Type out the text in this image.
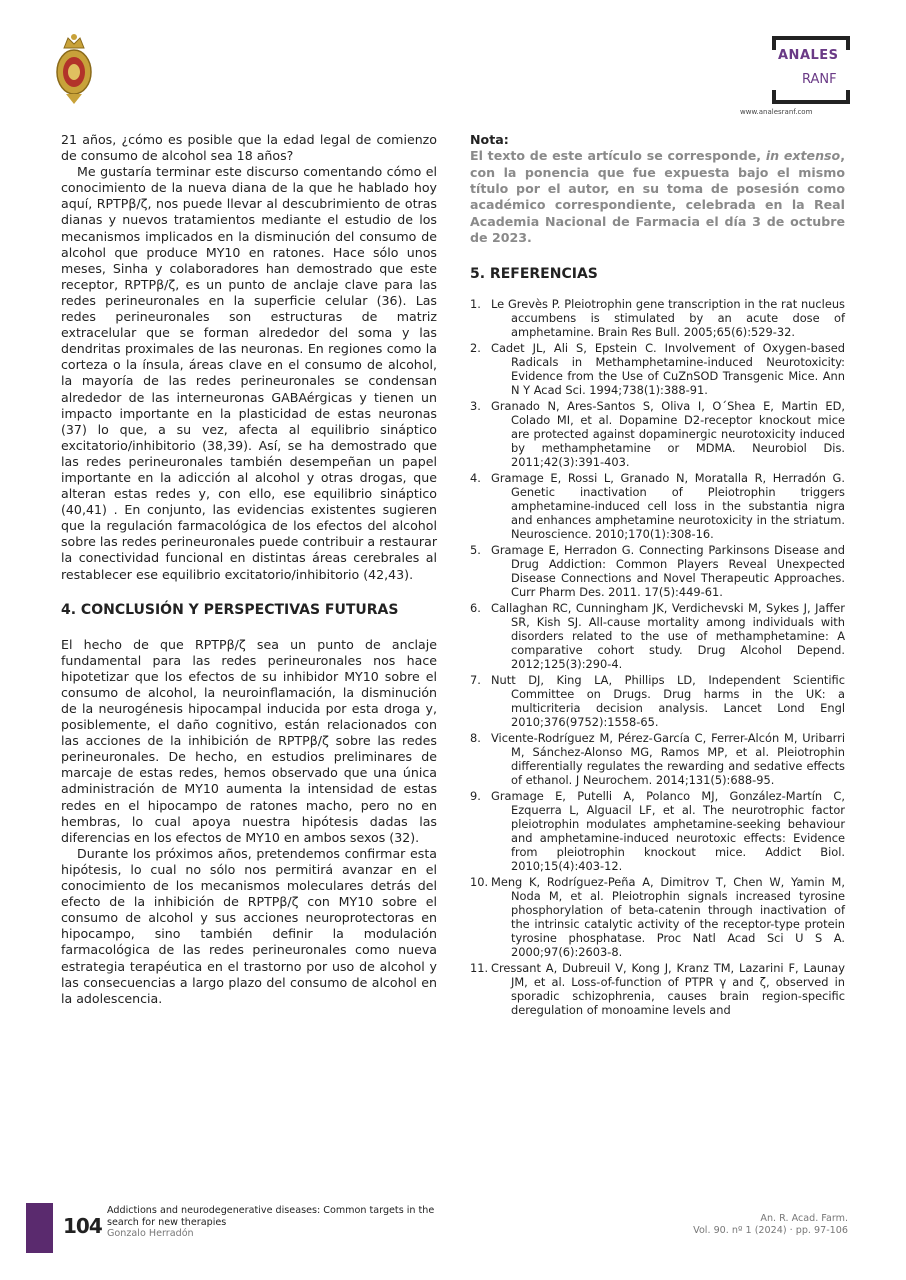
ANALES
RANF
www.analesranf.com

21 años, ¿cómo es posible que la edad legal de comienzo de consumo de alcohol sea 18 años?

Me gustaría terminar este discurso comentando cómo el conocimiento de la nueva diana de la que he hablado hoy aquí, RPTPβ/ζ, nos puede llevar al descubrimiento de otras dianas y nuevos tratamientos mediante el estudio de los mecanismos implicados en la disminución del consumo de alcohol que produce MY10 en ratones. Hace sólo unos meses, Sinha y colaboradores han demostrado que este receptor, RPTPβ/ζ, es un punto de anclaje clave para las redes perineuronales en la superficie celular (36). Las redes perineuronales son estructuras de matriz extracelular que se forman alrededor del soma y las dendritas proximales de las neuronas. En regiones como la corteza o la ínsula, áreas clave en el consumo de alcohol, la mayoría de las redes perineuronales se condensan alrededor de las interneuronas GABAérgicas y tienen un impacto importante en la plasticidad de estas neuronas (37) lo que, a su vez, afecta al equilibrio sináptico excitatorio/inhibitorio (38,39). Así, se ha demostrado que las redes perineuronales también desempeñan un papel importante en la adicción al alcohol y otras drogas, que alteran estas redes y, con ello, ese equilibrio sináptico (40,41) . En conjunto, las evidencias existentes sugieren que la regulación farmacológica de los efectos del alcohol sobre las redes perineuronales puede contribuir a restaurar la conectividad funcional en distintas áreas cerebrales al restablecer ese equilibrio excitatorio/inhibitorio (42,43).

4. CONCLUSIÓN Y PERSPECTIVAS FUTURAS

El hecho de que RPTPβ/ζ sea un punto de anclaje fundamental para las redes perineuronales nos hace hipotetizar que los efectos de su inhibidor MY10 sobre el consumo de alcohol, la neuroinflamación, la disminución de la neurogénesis hipocampal inducida por esta droga y, posiblemente, el daño cognitivo, están relacionados con las acciones de la inhibición de RPTPβ/ζ sobre las redes perineuronales. De hecho, en estudios preliminares de marcaje de estas redes, hemos observado que una única administración de MY10 aumenta la intensidad de estas redes en el hipocampo de ratones macho, pero no en hembras, lo cual apoya nuestra hipótesis dadas las diferencias en los efectos de MY10 en ambos sexos (32).

Durante los próximos años, pretendemos confirmar esta hipótesis, lo cual no sólo nos permitirá avanzar en el conocimiento de los mecanismos moleculares detrás del efecto de la inhibición de RPTPβ/ζ con MY10 sobre el consumo de alcohol y sus acciones neuroprotectoras en hipocampo, sino también definir la modulación farmacológica de las redes perineuronales como nueva estrategia terapéutica en el trastorno por uso de alcohol y las consecuencias a largo plazo del consumo de alcohol en la adolescencia.

Nota:

El texto de este artículo se corresponde, in extenso, con la ponencia que fue expuesta bajo el mismo título por el autor, en su toma de posesión como académico correspondiente, celebrada en la Real Academia Nacional de Farmacia el día 3 de octubre de 2023.

5. REFERENCIAS

1. Le Grevès P. Pleiotrophin gene transcription in the rat nucleus accumbens is stimulated by an acute dose of amphetamine. Brain Res Bull. 2005;65(6):529-32.
2. Cadet JL, Ali S, Epstein C. Involvement of Oxygen-based Radicals in Methamphetamine-induced Neurotoxicity: Evidence from the Use of CuZnSOD Transgenic Mice. Ann N Y Acad Sci. 1994;738(1):388-91.
3. Granado N, Ares-Santos S, Oliva I, O´Shea E, Martin ED, Colado MI, et al. Dopamine D2-receptor knockout mice are protected against dopaminergic neurotoxicity induced by methamphetamine or MDMA. Neurobiol Dis. 2011;42(3):391-403.
4. Gramage E, Rossi L, Granado N, Moratalla R, Herradón G. Genetic inactivation of Pleiotrophin triggers amphetamine-induced cell loss in the substantia nigra and enhances amphetamine neurotoxicity in the striatum. Neuroscience. 2010;170(1):308-16.
5. Gramage E, Herradon G. Connecting Parkinsons Disease and Drug Addiction: Common Players Reveal Unexpected Disease Connections and Novel Therapeutic Approaches. Curr Pharm Des. 2011. 17(5):449-61.
6. Callaghan RC, Cunningham JK, Verdichevski M, Sykes J, Jaffer SR, Kish SJ. All-cause mortality among individuals with disorders related to the use of methamphetamine: A comparative cohort study. Drug Alcohol Depend. 2012;125(3):290-4.
7. Nutt DJ, King LA, Phillips LD, Independent Scientific Committee on Drugs. Drug harms in the UK: a multicriteria decision analysis. Lancet Lond Engl 2010;376(9752):1558-65.
8. Vicente-Rodríguez M, Pérez-García C, Ferrer-Alcón M, Uribarri M, Sánchez-Alonso MG, Ramos MP, et al. Pleiotrophin differentially regulates the rewarding and sedative effects of ethanol. J Neurochem. 2014;131(5):688-95.
9. Gramage E, Putelli A, Polanco MJ, González-Martín C, Ezquerra L, Alguacil LF, et al. The neurotrophic factor pleiotrophin modulates amphetamine-seeking behaviour and amphetamine-induced neurotoxic effects: Evidence from pleiotrophin knockout mice. Addict Biol. 2010;15(4):403-12.
10. Meng K, Rodríguez-Peña A, Dimitrov T, Chen W, Yamin M, Noda M, et al. Pleiotrophin signals increased tyrosine phosphorylation of beta-catenin through inactivation of the intrinsic catalytic activity of the receptor-type protein tyrosine phosphatase. Proc Natl Acad Sci U S A. 2000;97(6):2603-8.
11. Cressant A, Dubreuil V, Kong J, Kranz TM, Lazarini F, Launay JM, et al. Loss-of-function of PTPR γ and ζ, observed in sporadic schizophrenia, causes brain region-specific deregulation of monoamine levels and
104
Addictions and neurodegenerative diseases: Common targets in the search for new therapies
Gonzalo Herradón
An. R. Acad. Farm.
Vol. 90. nº 1 (2024) · pp. 97-106
